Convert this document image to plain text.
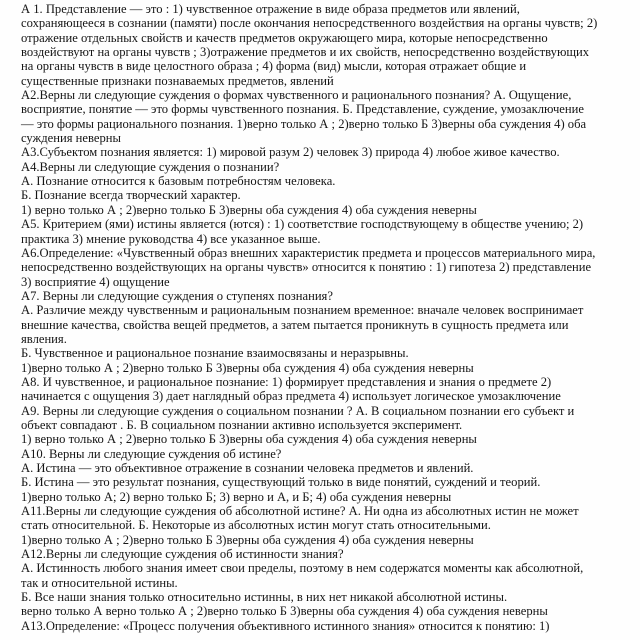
А 1. Представление — это : 1) чувственное отражение в виде образа предметов или явлений,
сохраняющееся в сознании (памяти) после окончания непосредственного воздействия на органы чувств; 2)
отражение отдельных свойств и качеств предметов окружающего мира, которые непосредственно
воздействуют на органы чувств ; 3)отражение предметов и их свойств, непосредственно воздействующих
на органы чувств в виде целостного образа ; 4) форма (вид) мысли, которая отражает общие и
существенные признаки познаваемых предметов, явлений
А2.Верны ли следующие суждения о формах чувственного и рационального познания? А. Ощущение,
восприятие, понятие — это формы чувственного познания. Б. Представление, суждение, умозаключение
— это формы рационального познания. 1)верно только А ; 2)верно только Б 3)верны оба суждения 4) оба
суждения неверны
А3.Субъектом познания является: 1) мировой разум 2) человек 3) природа 4) любое живое качество.
А4.Верны ли следующие суждения о познании?
А. Познание относится к базовым потребностям человека.
Б. Познание всегда творческий характер.
1) верно только А ; 2)верно только Б 3)верны оба суждения 4) оба суждения неверны
А5. Критерием (ями) истины является (ются) : 1) соответствие господствующему в обществе учению; 2)
практика 3) мнение руководства 4) все указанное выше.
А6.Определение: «Чувственный образ внешних характеристик предмета и процессов материального мира,
непосредственно воздействующих на органы чувств» относится к понятию : 1) гипотеза 2) представление
3) восприятие 4) ощущение
А7. Верны ли следующие суждения о ступенях познания?
А. Различие между чувственным и рациональным познанием временное: вначале человек воспринимает
внешние качества, свойства вещей предметов, а затем пытается проникнуть в сущность предмета или
явления.
Б. Чувственное и рациональное познание взаимосвязаны и неразрывны.
1)верно только А ; 2)верно только Б 3)верны оба суждения 4) оба суждения неверны
А8. И чувственное, и рациональное познание: 1) формирует представления и знания о предмете 2)
начинается с ощущения 3) дает наглядный образ предмета 4) использует логическое умозаключение
А9. Верны ли следующие суждения о социальном познании ? А. В социальном познании его субъект и
объект совпадают . Б. В социальном познании активно используется эксперимент.
1) верно только А ; 2)верно только Б 3)верны оба суждения 4) оба суждения неверны
А10. Верны ли следующие суждения об истине?
А. Истина — это объективное отражение в сознании человека предметов и явлений.
Б. Истина — это результат познания, существующий только в виде понятий, суждений и теорий.
1)верно только А; 2) верно только Б; 3) верно и А, и Б; 4) оба суждения неверны
А11.Верны ли следующие суждения об абсолютной истине? А. Ни одна из абсолютных истин не может
стать относительной. Б. Некоторые из абсолютных истин могут стать относительными.
1)верно только А ; 2)верно только Б 3)верны оба суждения 4) оба суждения неверны
А12.Верны ли следующие суждения об истинности знания?
А. Истинность любого знания имеет свои пределы, поэтому в нем содержатся моменты как абсолютной,
так и относительной истины.
Б. Все наши знания только относительно истинны, в них нет никакой абсолютной истины.
верно только А верно только А ; 2)верно только Б 3)верны оба суждения 4) оба суждения неверны
А13.Определение: «Процесс получения объективного истинного знания» относится к понятию: 1)
